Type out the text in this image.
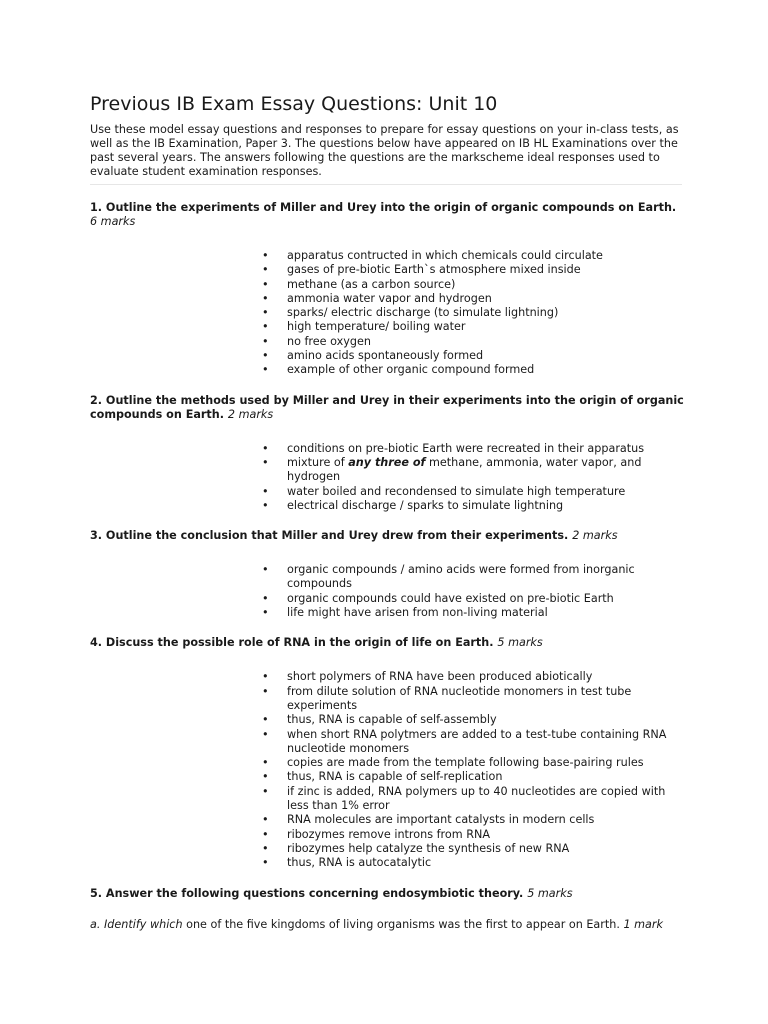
Previous IB Exam Essay Questions: Unit 10

Use these model essay questions and responses to prepare for essay questions on your in-class tests, as well as the IB Examination, Paper 3. The questions below have appeared on IB HL Examinations over the past several years. The answers following the questions are the markscheme ideal responses used to evaluate student examination responses.

1. Outline the experiments of Miller and Urey into the origin of organic compounds on Earth.
6 marks

• apparatus contructed in which chemicals could circulate
• gases of pre-biotic Earth`s atmosphere mixed inside
• methane (as a carbon source)
• ammonia water vapor and hydrogen
• sparks/ electric discharge (to simulate lightning)
• high temperature/ boiling water
• no free oxygen
• amino acids spontaneously formed
• example of other organic compound formed

2. Outline the methods used by Miller and Urey in their experiments into the origin of organic compounds on Earth. 2 marks

• conditions on pre-biotic Earth were recreated in their apparatus
• mixture of any three of methane, ammonia, water vapor, and hydrogen
• water boiled and recondensed to simulate high temperature
• electrical discharge / sparks to simulate lightning

3. Outline the conclusion that Miller and Urey drew from their experiments. 2 marks

• organic compounds / amino acids were formed from inorganic compounds
• organic compounds could have existed on pre-biotic Earth
• life might have arisen from non-living material

4. Discuss the possible role of RNA in the origin of life on Earth. 5 marks

• short polymers of RNA have been produced abiotically
• from dilute solution of RNA nucleotide monomers in test tube experiments
• thus, RNA is capable of self-assembly
• when short RNA polytmers are added to a test-tube containing RNA nucleotide monomers
• copies are made from the template following base-pairing rules
• thus, RNA is capable of self-replication
• if zinc is added, RNA polymers up to 40 nucleotides are copied with less than 1% error
• RNA molecules are important catalysts in modern cells
• ribozymes remove introns from RNA
• ribozymes help catalyze the synthesis of new RNA
• thus, RNA is autocatalytic

5. Answer the following questions concerning endosymbiotic theory. 5 marks

a. Identify which one of the five kingdoms of living organisms was the first to appear on Earth. 1 mark
